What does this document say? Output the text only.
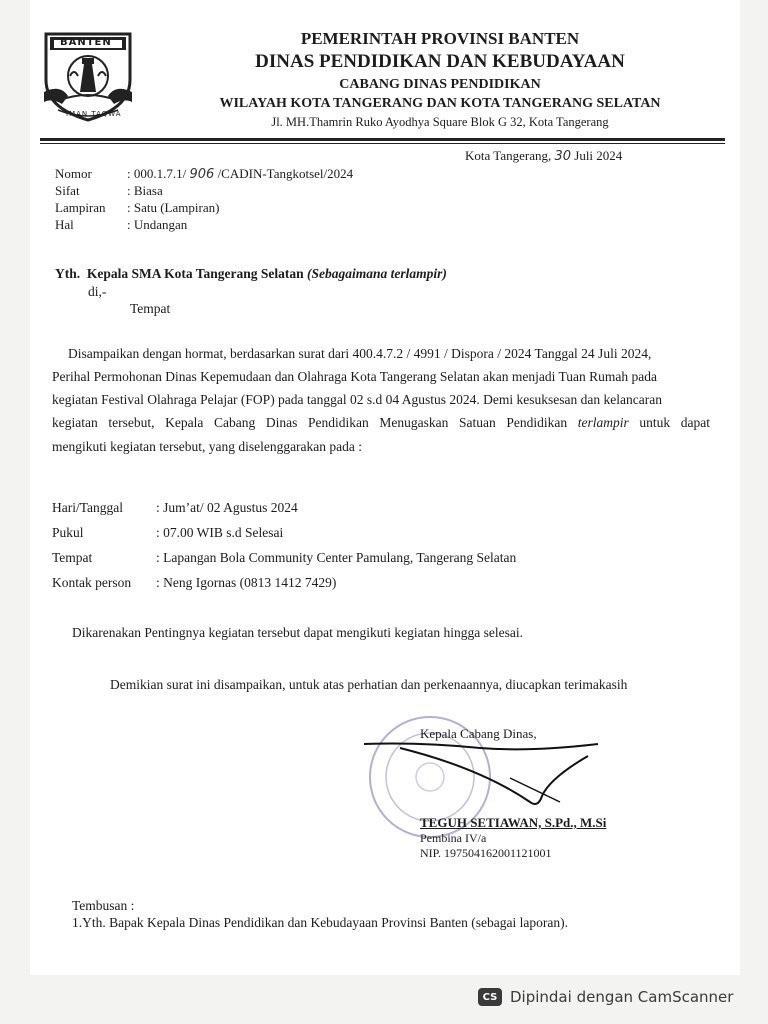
BANTEN
IMAN TAQWA
PEMERINTAH PROVINSI BANTEN
DINAS PENDIDIKAN DAN KEBUDAYAAN
CABANG DINAS PENDIDIKAN
WILAYAH KOTA TANGERANG DAN KOTA TANGERANG SELATAN
Jl. MH.Thamrin Ruko Ayodhya Square Blok G 32, Kota Tangerang
Kota Tangerang, 30 Juli 2024
Nomor	: 000.1.7.1/ 906 /CADIN-Tangkotsel/2024
Sifat	: Biasa
Lampiran : Satu (Lampiran)
Hal	: Undangan
Yth. Kepala SMA Kota Tangerang Selatan (Sebagaimana terlampir)
di,-
Tempat
Disampaikan dengan hormat, berdasarkan surat dari 400.4.7.2 / 4991 / Dispora / 2024 Tanggal 24 Juli 2024,
Perihal Permohonan Dinas Kepemudaan dan Olahraga Kota Tangerang Selatan akan menjadi Tuan Rumah pada
kegiatan Festival Olahraga Pelajar (FOP) pada tanggal 02 s.d 04 Agustus 2024. Demi kesuksesan dan kelancaran
kegiatan tersebut, Kepala Cabang Dinas Pendidikan Menugaskan Satuan Pendidikan terlampir untuk dapat
mengikuti kegiatan tersebut, yang diselenggarakan pada :
Hari/Tanggal : Jum’at/ 02 Agustus 2024
Pukul	: 07.00 WIB s.d Selesai
Tempat	: Lapangan Bola Community Center Pamulang, Tangerang Selatan
Kontak person : Neng Igornas (0813 1412 7429)
Dikarenakan Pentingnya kegiatan tersebut dapat mengikuti kegiatan hingga selesai.
Demikian surat ini disampaikan, untuk atas perhatian dan perkenaannya, diucapkan terimakasih
Kepala Cabang Dinas,
TEGUH SETIAWAN, S.Pd., M.Si
Pembina IV/a
NIP. 197504162001121001
Tembusan :
1.Yth. Bapak Kepala Dinas Pendidikan dan Kebudayaan Provinsi Banten (sebagai laporan).
CS Dipindai dengan CamScanner
